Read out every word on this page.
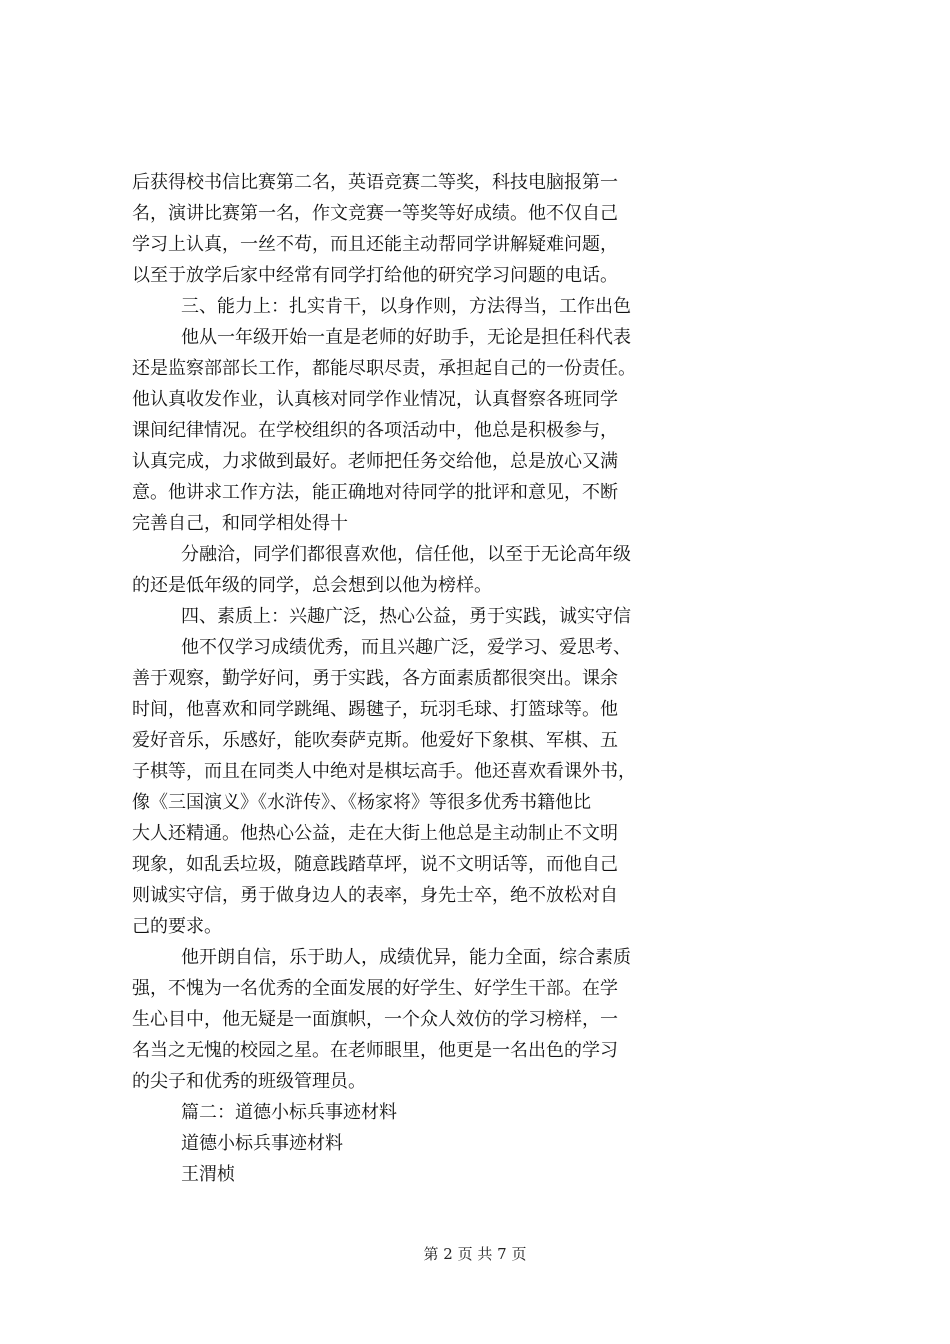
后获得校书信比赛第二名，英语竞赛二等奖，科技电脑报第一
名，演讲比赛第一名，作文竞赛一等奖等好成绩。他不仅自己
学习上认真，一丝不苟，而且还能主动帮同学讲解疑难问题，
以至于放学后家中经常有同学打给他的研究学习问题的电话。
三、能力上：扎实肯干，以身作则，方法得当，工作出色
他从一年级开始一直是老师的好助手，无论是担任科代表
还是监察部部长工作，都能尽职尽责，承担起自己的一份责任。
他认真收发作业，认真核对同学作业情况，认真督察各班同学
课间纪律情况。在学校组织的各项活动中，他总是积极参与，
认真完成，力求做到最好。老师把任务交给他，总是放心又满
意。他讲求工作方法，能正确地对待同学的批评和意见，不断
完善自己，和同学相处得十
分融洽，同学们都很喜欢他，信任他，以至于无论高年级
的还是低年级的同学，总会想到以他为榜样。
四、素质上：兴趣广泛，热心公益，勇于实践，诚实守信
他不仅学习成绩优秀，而且兴趣广泛，爱学习、爱思考、
善于观察，勤学好问，勇于实践，各方面素质都很突出。课余
时间，他喜欢和同学跳绳、踢毽子，玩羽毛球、打篮球等。他
爱好音乐，乐感好，能吹奏萨克斯。他爱好下象棋、军棋、五
子棋等，而且在同类人中绝对是棋坛高手。他还喜欢看课外书，
像《三国演义》《水浒传》、《杨家将》等很多优秀书籍他比
大人还精通。他热心公益，走在大街上他总是主动制止不文明
现象，如乱丢垃圾，随意践踏草坪，说不文明话等，而他自己
则诚实守信，勇于做身边人的表率，身先士卒，绝不放松对自
己的要求。
他开朗自信，乐于助人，成绩优异，能力全面，综合素质
强，不愧为一名优秀的全面发展的好学生、好学生干部。在学
生心目中，他无疑是一面旗帜，一个众人效仿的学习榜样，一
名当之无愧的校园之星。在老师眼里，他更是一名出色的学习
的尖子和优秀的班级管理员。
篇二：道德小标兵事迹材料
道德小标兵事迹材料
王渭桢
第 2 页 共 7 页
